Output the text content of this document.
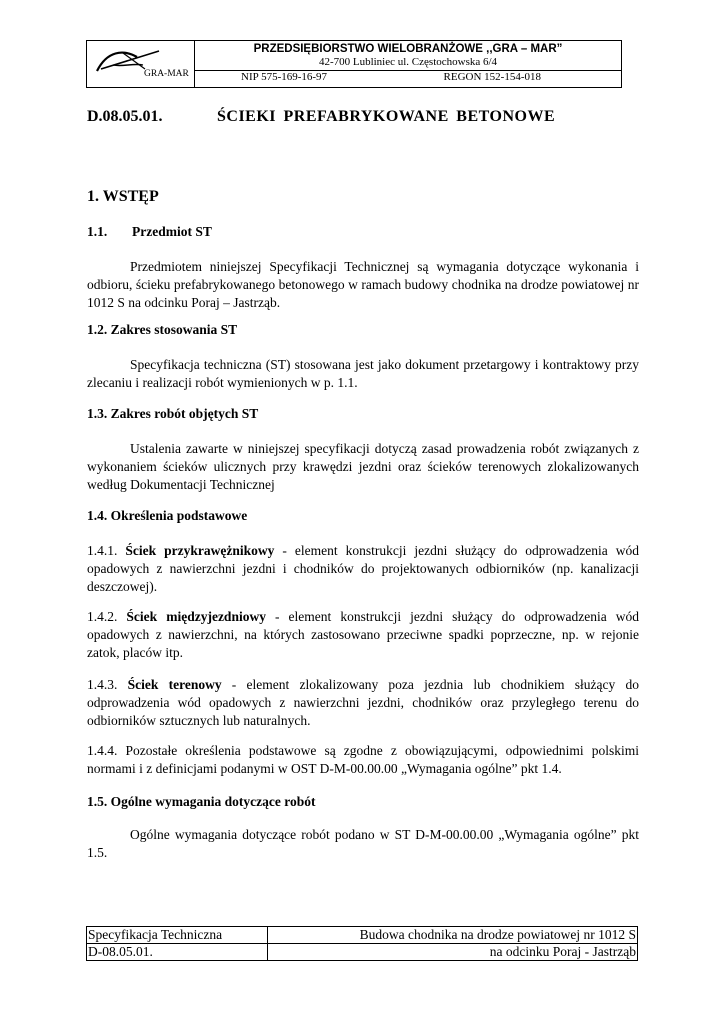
GRA-MAR
PRZEDSIĘBIORSTWO WIELOBRANŻOWE ,,GRA – MAR”
42-700 Lubliniec ul. Częstochowska 6/4
NIP 575-169-16-97	REGON 152-154-018
D.08.05.01.	ŚCIEKI PREFABRYKOWANE BETONOWE
1. WSTĘP
1.1. Przedmiot ST
Przedmiotem niniejszej Specyfikacji Technicznej są wymagania dotyczące wykonania i odbioru, ścieku prefabrykowanego betonowego w ramach budowy chodnika na drodze powiatowej nr 1012 S na odcinku Poraj – Jastrząb.
1.2. Zakres stosowania ST
Specyfikacja techniczna (ST) stosowana jest jako dokument przetargowy i kontraktowy przy zlecaniu i realizacji robót wymienionych w p. 1.1.
1.3. Zakres robót objętych ST
Ustalenia zawarte w niniejszej specyfikacji dotyczą zasad prowadzenia robót związanych z wykonaniem ścieków ulicznych przy krawędzi jezdni oraz ścieków terenowych zlokalizowanych według Dokumentacji Technicznej
1.4. Określenia podstawowe
1.4.1. Ściek przykrawężnikowy - element konstrukcji jezdni służący do odprowadzenia wód opadowych z nawierzchni jezdni i chodników do projektowanych odbiorników (np. kanalizacji deszczowej).
1.4.2. Ściek międzyjezdniowy - element konstrukcji jezdni służący do odprowadzenia wód opadowych z nawierzchni, na których zastosowano przeciwne spadki poprzeczne, np. w rejonie zatok, placów itp.
1.4.3. Ściek terenowy - element zlokalizowany poza jezdnia lub chodnikiem służący do odprowadzenia wód opadowych z nawierzchni jezdni, chodników oraz przyległego terenu do odbiorników sztucznych lub naturalnych.
1.4.4. Pozostałe określenia podstawowe są zgodne z obowiązującymi, odpowiednimi polskimi normami i z definicjami podanymi w OST D-M-00.00.00 „Wymagania ogólne” pkt 1.4.
1.5. Ogólne wymagania dotyczące robót
Ogólne wymagania dotyczące robót podano w ST D-M-00.00.00 „Wymagania ogólne” pkt 1.5.
Specyfikacja Techniczna	Budowa chodnika na drodze powiatowej nr 1012 S
D-08.05.01.	na odcinku Poraj - Jastrząb
